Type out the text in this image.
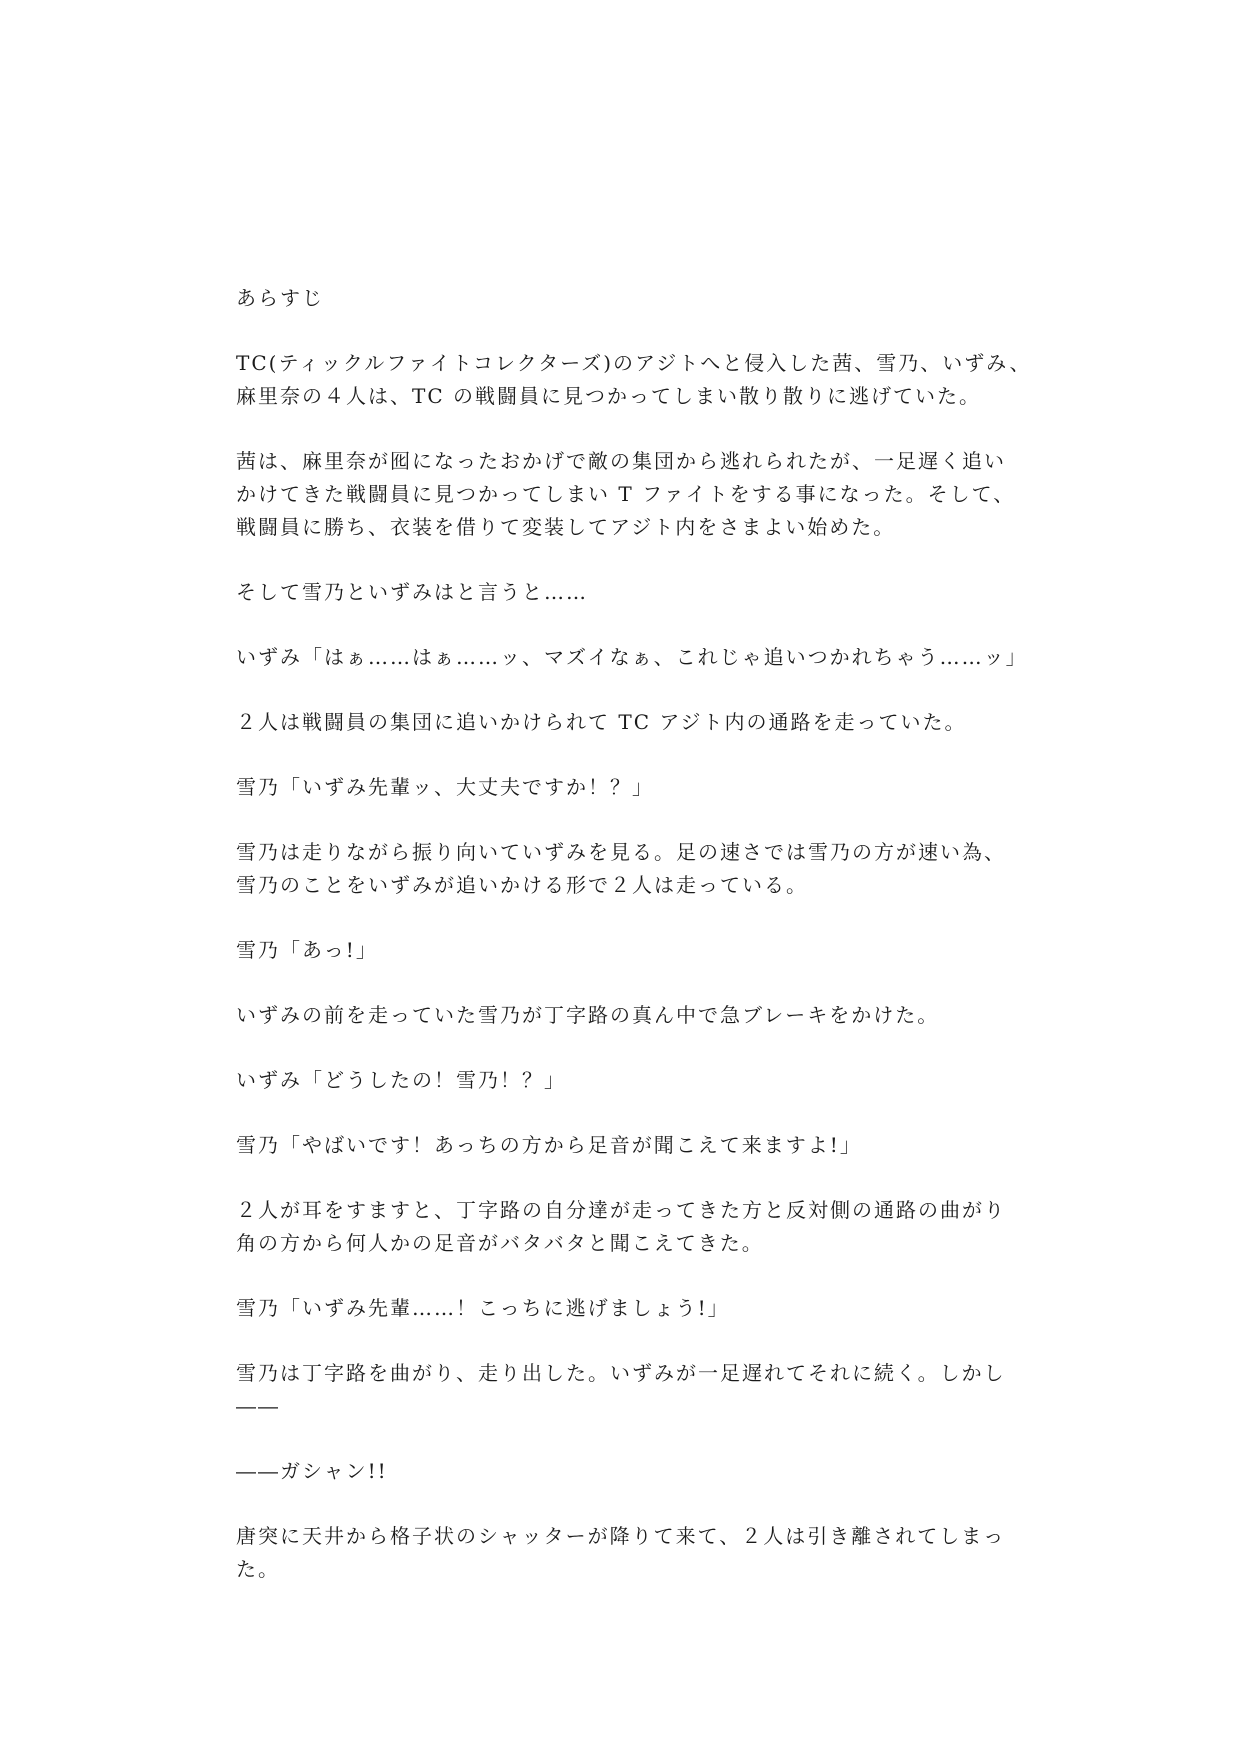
あらすじ

TC(ティックルファイトコレクターズ)のアジトへと侵入した茜、雪乃、いずみ、
麻里奈の４人は、TC の戦闘員に見つかってしまい散り散りに逃げていた。

茜は、麻里奈が囮になったおかげで敵の集団から逃れられたが、一足遅く追い
かけてきた戦闘員に見つかってしまい T ファイトをする事になった。そして、
戦闘員に勝ち、衣装を借りて変装してアジト内をさまよい始めた。

そして雪乃といずみはと言うと……

いずみ「はぁ……はぁ……ッ、マズイなぁ、これじゃ追いつかれちゃう……ッ」

２人は戦闘員の集団に追いかけられて TC アジト内の通路を走っていた。

雪乃「いずみ先輩ッ、大丈夫ですか！？」

雪乃は走りながら振り向いていずみを見る。足の速さでは雪乃の方が速い為、
雪乃のことをいずみが追いかける形で２人は走っている。

雪乃「あっ!」

いずみの前を走っていた雪乃が丁字路の真ん中で急ブレーキをかけた。

いずみ「どうしたの！雪乃！？」

雪乃「やばいです！あっちの方から足音が聞こえて来ますよ!」

２人が耳をすますと、丁字路の自分達が走ってきた方と反対側の通路の曲がり
角の方から何人かの足音がバタバタと聞こえてきた。

雪乃「いずみ先輩……！こっちに逃げましょう!」

雪乃は丁字路を曲がり、走り出した。いずみが一足遅れてそれに続く。しかし
――

――ガシャン!!

唐突に天井から格子状のシャッターが降りて来て、２人は引き離されてしまっ
た。
